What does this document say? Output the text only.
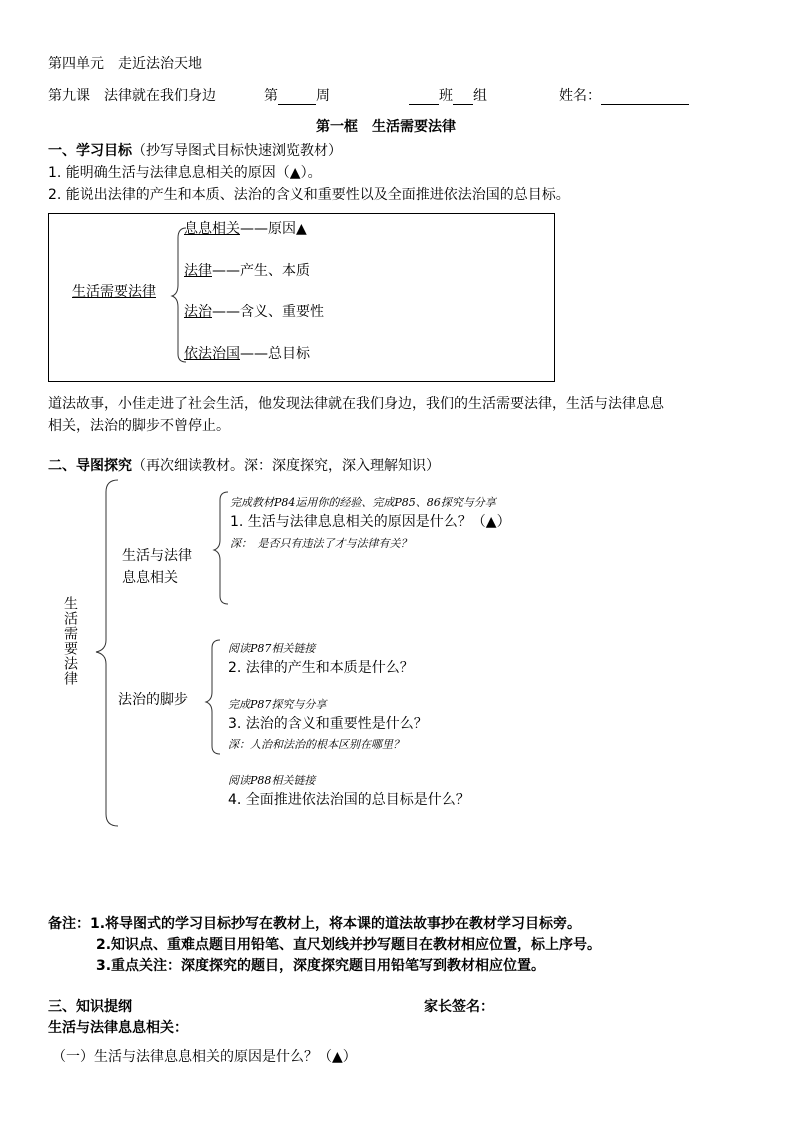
第四单元　走近法治天地
第九课　法律就在我们身边	第	周	班 组	姓名：
第一框　生活需要法律
一、学习目标（抄写导图式目标快速浏览教材）
1. 能明确生活与法律息息相关的原因（▲）。
2. 能说出法律的产生和本质、法治的含义和重要性以及全面推进依法治国的总目标。
生活需要法律
息息相关——原因▲
法律——产生、本质
法治——含义、重要性
依法治国——总目标
道法故事，小佳走进了社会生活，他发现法律就在我们身边，我们的生活需要法律，生活与法律息息
相关，法治的脚步不曾停止。
二、导图探究（再次细读教材。深：深度探究，深入理解知识）
生活需要法律
生活与法律
息息相关
完成教材P84运用你的经验、完成P85、86探究与分享
1. 生活与法律息息相关的原因是什么？（▲）
深：　是否只有违法了才与法律有关？
法治的脚步
阅读P87相关链接
2. 法律的产生和本质是什么？
完成P87探究与分享
3. 法治的含义和重要性是什么？
深：人治和法治的根本区别在哪里？
阅读P88相关链接
4. 全面推进依法治国的总目标是什么？
备注：1.将导图式的学习目标抄写在教材上，将本课的道法故事抄在教材学习目标旁。
2.知识点、重难点题目用铅笔、直尺划线并抄写题目在教材相应位置，标上序号。
3.重点关注：深度探究的题目，深度探究题目用铅笔写到教材相应位置。
三、知识提纲	家长签名：
生活与法律息息相关：
（一）生活与法律息息相关的原因是什么？（▲）
